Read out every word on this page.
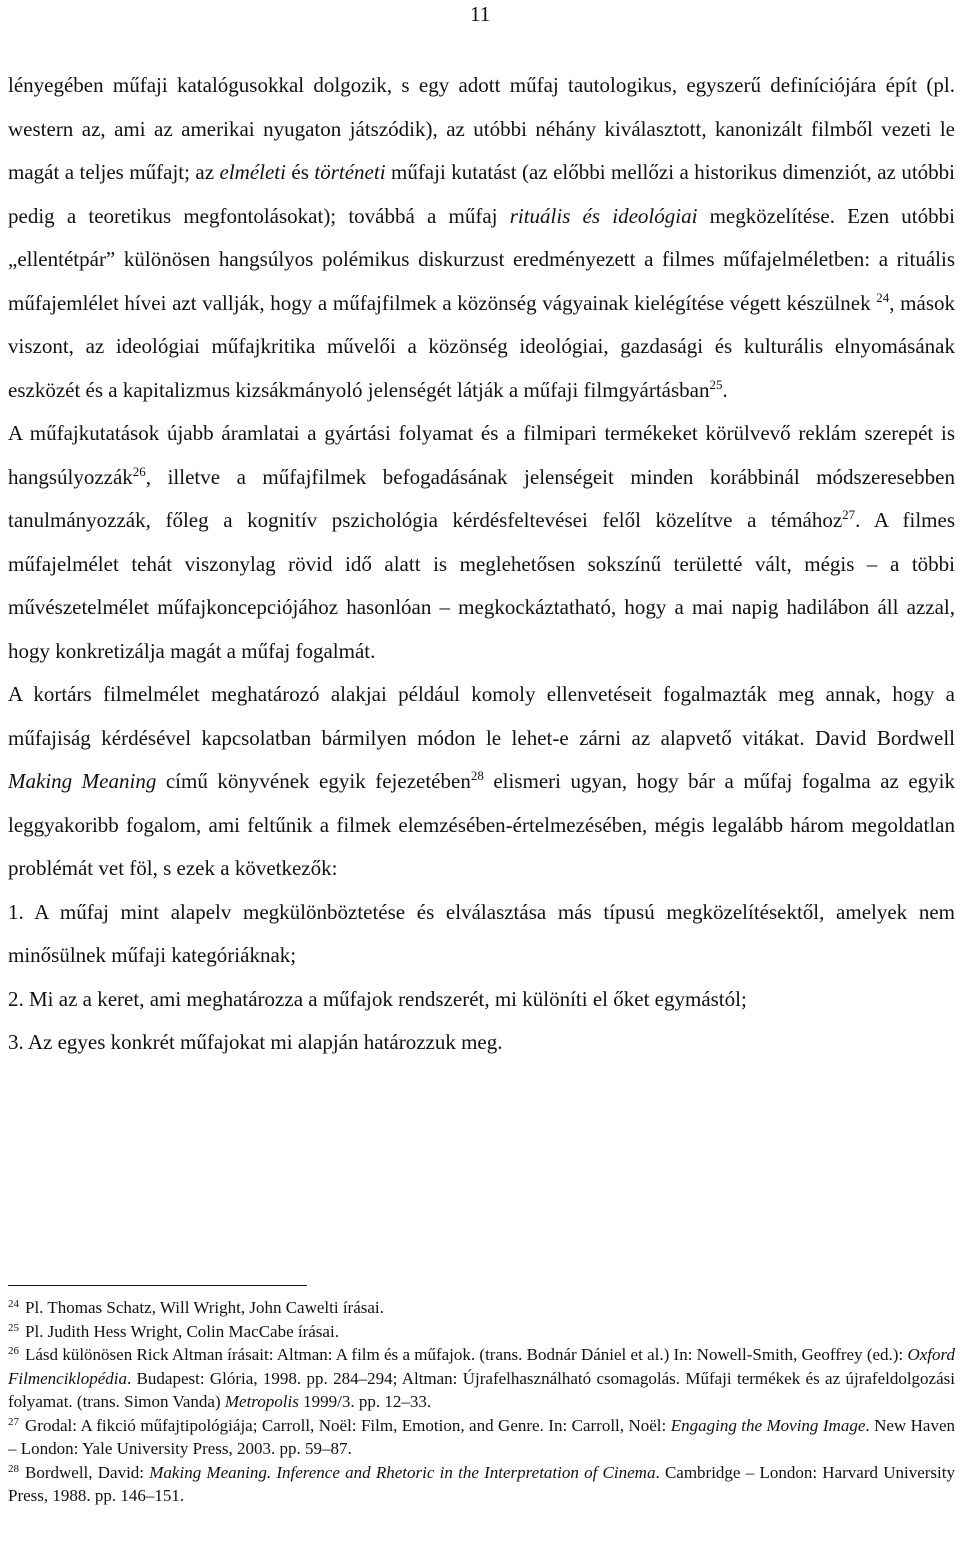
11

lényegében műfaji katalógusokkal dolgozik, s egy adott műfaj tautologikus, egyszerű definíciójára épít (pl. western az, ami az amerikai nyugaton játszódik), az utóbbi néhány kiválasztott, kanonizált filmből vezeti le magát a teljes műfajt; az elméleti és történeti műfaji kutatást (az előbbi mellőzi a historikus dimenziót, az utóbbi pedig a teoretikus megfontolásokat); továbbá a műfaj rituális és ideológiai megközelítése. Ezen utóbbi „ellentétpár” különösen hangsúlyos polémikus diskurzust eredményezett a filmes műfajelméletben: a rituális műfajemlélet hívei azt vallják, hogy a műfajfilmek a közönség vágyainak kielégítése végett készülnek $^{24}$, mások viszont, az ideológiai műfajkritika művelői a közönség ideológiai, gazdasági és kulturális elnyomásának eszközét és a kapitalizmus kizsákmányoló jelenségét látják a műfaji filmgyártásban$^{25}$.

A műfajkutatások újabb áramlatai a gyártási folyamat és a filmipari termékeket körülvevő reklám szerepét is hangsúlyozzák$^{26}$, illetve a műfajfilmek befogadásának jelenségeit minden korábbinál módszeresebben tanulmányozzák, főleg a kognitív pszichológia kérdésfeltevései felől közelítve a témához$^{27}$. A filmes műfajelmélet tehát viszonylag rövid idő alatt is meglehetősen sokszínű területté vált, mégis – a többi művészetelmélet műfajkoncepciójához hasonlóan – megkockáztatható, hogy a mai napig hadilábon áll azzal, hogy konkretizálja magát a műfaj fogalmát.

A kortárs filmelmélet meghatározó alakjai például komoly ellenvetéseit fogalmazták meg annak, hogy a műfajiság kérdésével kapcsolatban bármilyen módon le lehet-e zárni az alapvető vitákat. David Bordwell Making Meaning című könyvének egyik fejezetében$^{28}$ elismeri ugyan, hogy bár a műfaj fogalma az egyik leggyakoribb fogalom, ami feltűnik a filmek elemzésében-értelmezésében, mégis legalább három megoldatlan problémát vet föl, s ezek a következők:

1. A műfaj mint alapelv megkülönböztetése és elválasztása más típusú megközelítésektől, amelyek nem minősülnek műfaji kategóriáknak;

2. Mi az a keret, ami meghatározza a műfajok rendszerét, mi különíti el őket egymástól;

3. Az egyes konkrét műfajokat mi alapján határozzuk meg.

$^{24}$ Pl. Thomas Schatz, Will Wright, John Cawelti írásai.

$^{25}$ Pl. Judith Hess Wright, Colin MacCabe írásai.

$^{26}$ Lásd különösen Rick Altman írásait: Altman: A film és a műfajok. (trans. Bodnár Dániel et al.) In: Nowell-Smith, Geoffrey (ed.): Oxford Filmenciklopédia. Budapest: Glória, 1998. pp. 284–294; Altman: Újrafelhasználható csomagolás. Műfaji termékek és az újrafeldolgozási folyamat. (trans. Simon Vanda) Metropolis 1999/3. pp. 12–33.

$^{27}$ Grodal: A fikció műfajtipológiája; Carroll, Noël: Film, Emotion, and Genre. In: Carroll, Noël: Engaging the Moving Image. New Haven – London: Yale University Press, 2003. pp. 59–87.

$^{28}$ Bordwell, David: Making Meaning. Inference and Rhetoric in the Interpretation of Cinema. Cambridge – London: Harvard University Press, 1988. pp. 146–151.
